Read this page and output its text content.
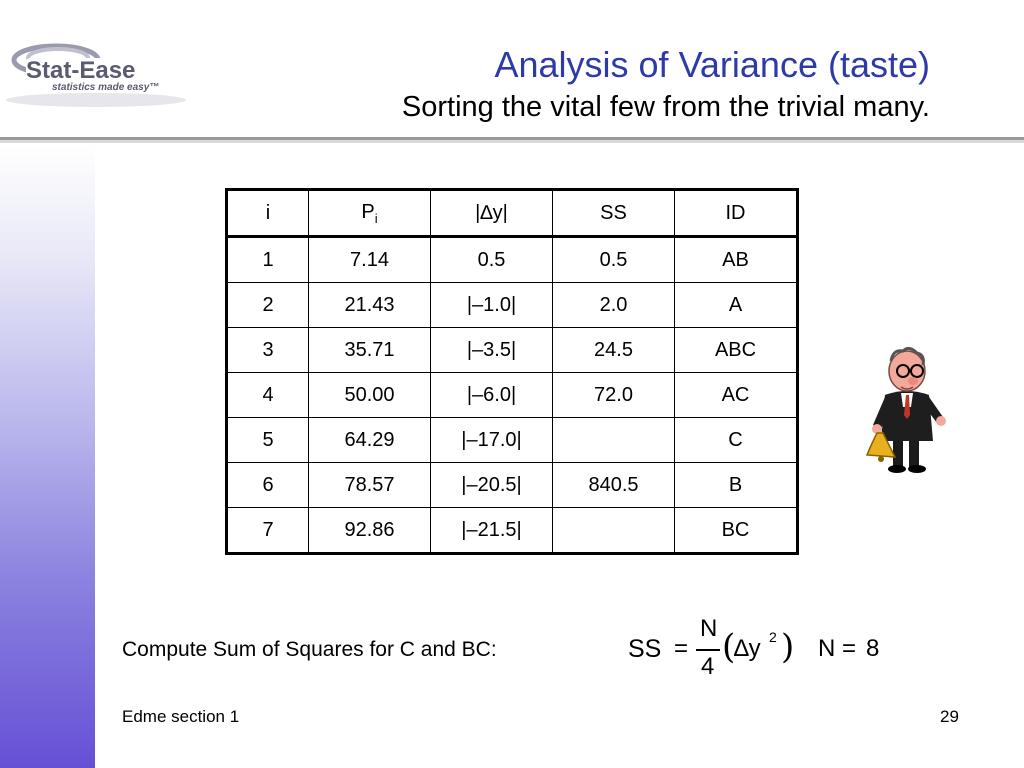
Stat-Ease
statistics made easy™
Analysis of Variance (taste)
Sorting the vital few from the trivial many.
i	$P_i$	|∆y|	SS	ID
1	7.14	0.5	0.5	AB
2	21.43	|–1.0|	2.0	A
3	35.71	|–3.5|	24.5	ABC
4	50.00	|–6.0|	72.0	AC
5	64.29	|–17.0|		C
6	78.57	|–20.5|	840.5	B
7	92.86	|–21.5|		BC
Compute Sum of Squares for C and BC:	SS =
N
4 (
∆y 2 ) N = 8
Edme section 1	29
